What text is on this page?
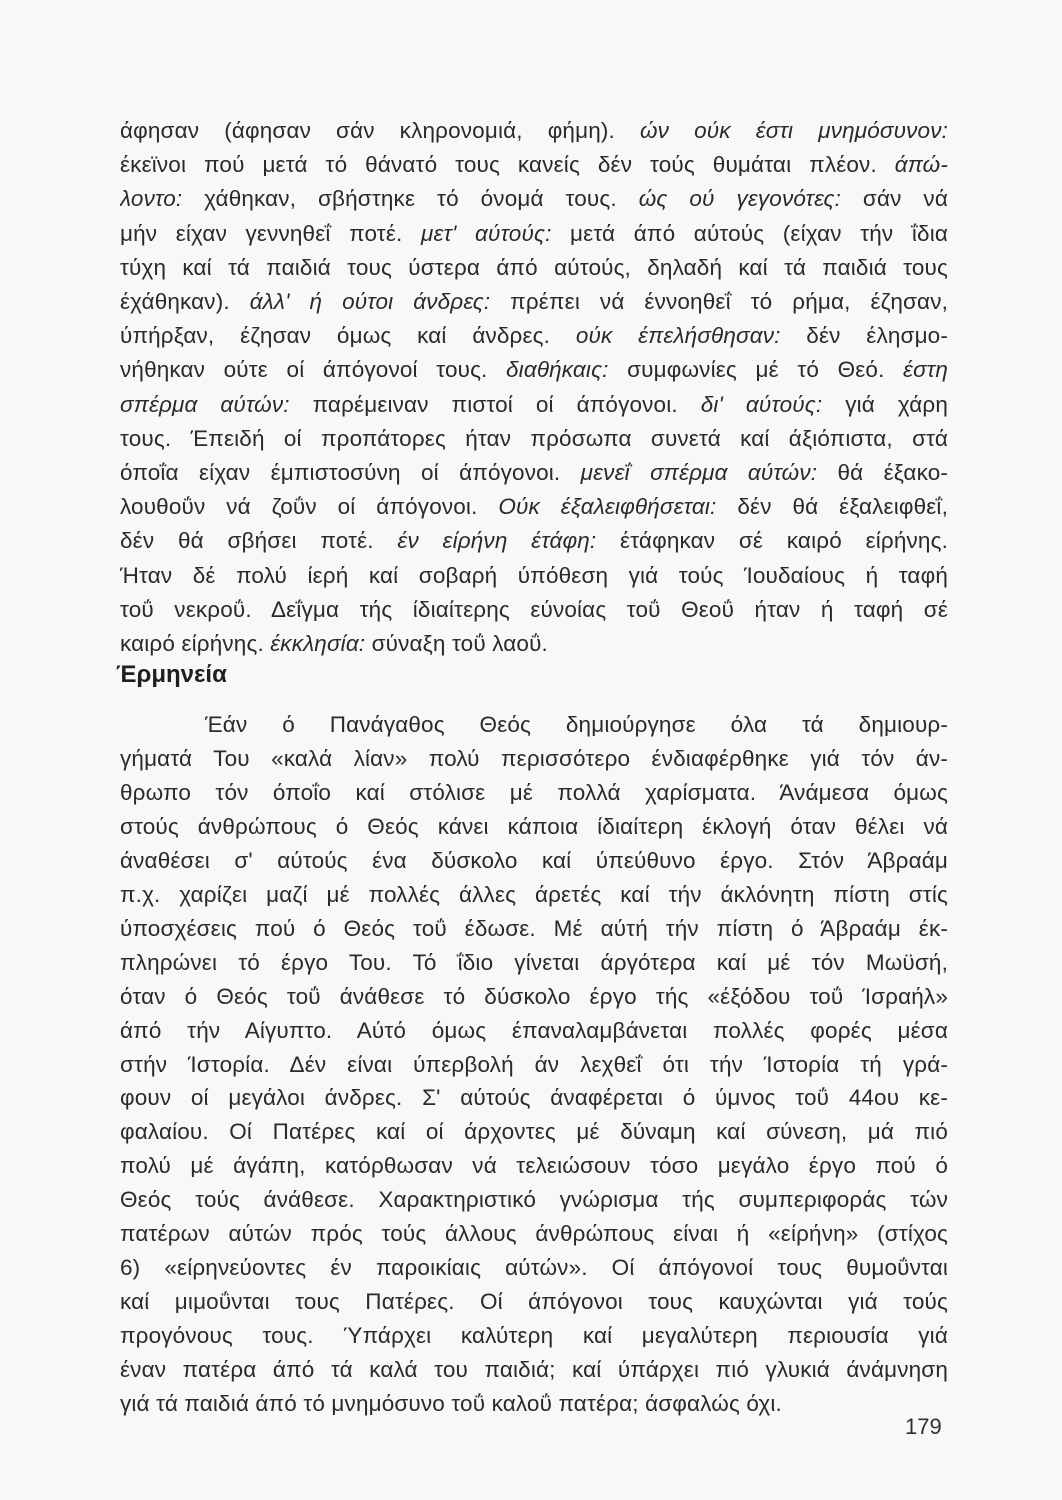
άφησαν (άφησαν σάν κληρονομιά, φήμη). ών ούκ έστι μνημόσυνον:
έκεϊνοι πού μετά τό θάνατό τους κανείς δέν τούς θυμάται πλέον. άπώ-
λοντο: χάθηκαν, σβήστηκε τό όνομά τους. ώς ού γεγονότες: σάν νά
μήν είχαν γεννηθεΐ ποτέ. μετ' αύτούς: μετά άπό αύτούς (είχαν τήν ΐδια
τύχη καί τά παιδιά τους ύστερα άπό αύτούς, δηλαδή καί τά παιδιά τους
έχάθηκαν). άλλ' ή ούτοι άνδρες: πρέπει νά έννοηθεΐ τό ρήμα, έζησαν,
ύπήρξαν, έζησαν όμως καί άνδρες. ούκ έπελήσθησαν: δέν έλησμο-
νήθηκαν ούτε οί άπόγονοί τους. διαθήκαις: συμφωνίες μέ τό Θεό. έστη
σπέρμα αύτών: παρέμειναν πιστοί οί άπόγονοι. δι' αύτούς: γιά χάρη
τους. Έπειδή οί προπάτορες ήταν πρόσωπα συνετά καί άξιόπιστα, στά
όποΐα είχαν έμπιστοσύνη οί άπόγονοι. μενεΐ σπέρμα αύτών: θά έξακο-
λουθοΰν νά ζοΰν οί άπόγονοι. Ούκ έξαλειφθήσεται: δέν θά έξαλειφθεΐ,
δέν θά σβήσει ποτέ. έν είρήνη έτάφη: έτάφηκαν σέ καιρό είρήνης.
Ήταν δέ πολύ ίερή καί σοβαρή ύπόθεση γιά τούς Ίουδαίους ή ταφή
τοΰ νεκροΰ. Δεΐγμα τής ίδιαίτερης εύνοίας τοΰ Θεοΰ ήταν ή ταφή σέ
καιρό είρήνης. έκκλησία: σύναξη τοΰ λαοΰ.
Έρμηνεία
Έάν ό Πανάγαθος Θεός δημιούργησε όλα τά δημιουρ-
γήματά Του «καλά λίαν» πολύ περισσότερο ένδιαφέρθηκε γιά τόν άν-
θρωπο τόν όποΐο καί στόλισε μέ πολλά χαρίσματα. Άνάμεσα όμως
στούς άνθρώπους ό Θεός κάνει κάποια ίδιαίτερη έκλογή όταν θέλει νά
άναθέσει σ' αύτούς ένα δύσκολο καί ύπεύθυνο έργο. Στόν Άβραάμ
π.χ. χαρίζει μαζί μέ πολλές άλλες άρετές καί τήν άκλόνητη πίστη στίς
ύποσχέσεις πού ό Θεός τοΰ έδωσε. Μέ αύτή τήν πίστη ό Άβραάμ έκ-
πληρώνει τό έργο Του. Τό ΐδιο γίνεται άργότερα καί μέ τόν Μωϋσή,
όταν ό Θεός τοΰ άνάθεσε τό δύσκολο έργο τής «έξόδου τοΰ Ίσραήλ»
άπό τήν Αίγυπτο. Αύτό όμως έπαναλαμβάνεται πολλές φορές μέσα
στήν Ίστορία. Δέν είναι ύπερβολή άν λεχθεΐ ότι τήν Ίστορία τή γρά-
φουν οί μεγάλοι άνδρες. Σ' αύτούς άναφέρεται ό ύμνος τοΰ 44ου κε-
φαλαίου. Οί Πατέρες καί οί άρχοντες μέ δύναμη καί σύνεση, μά πιό
πολύ μέ άγάπη, κατόρθωσαν νά τελειώσουν τόσο μεγάλο έργο πού ό
Θεός τούς άνάθεσε. Χαρακτηριστικό γνώρισμα τής συμπεριφοράς τών
πατέρων αύτών πρός τούς άλλους άνθρώπους είναι ή «είρήνη» (στίχος
6) «είρηνεύοντες έν παροικίαις αύτών». Οί άπόγονοί τους θυμοΰνται
καί μιμοΰνται τους Πατέρες. Οί άπόγονοι τους καυχώνται γιά τούς
προγόνους τους. Ύπάρχει καλύτερη καί μεγαλύτερη περιουσία γιά
έναν πατέρα άπό τά καλά του παιδιά; καί ύπάρχει πιό γλυκιά άνάμνηση
γιά τά παιδιά άπό τό μνημόσυνο τοΰ καλοΰ πατέρα; άσφαλώς όχι.
179
